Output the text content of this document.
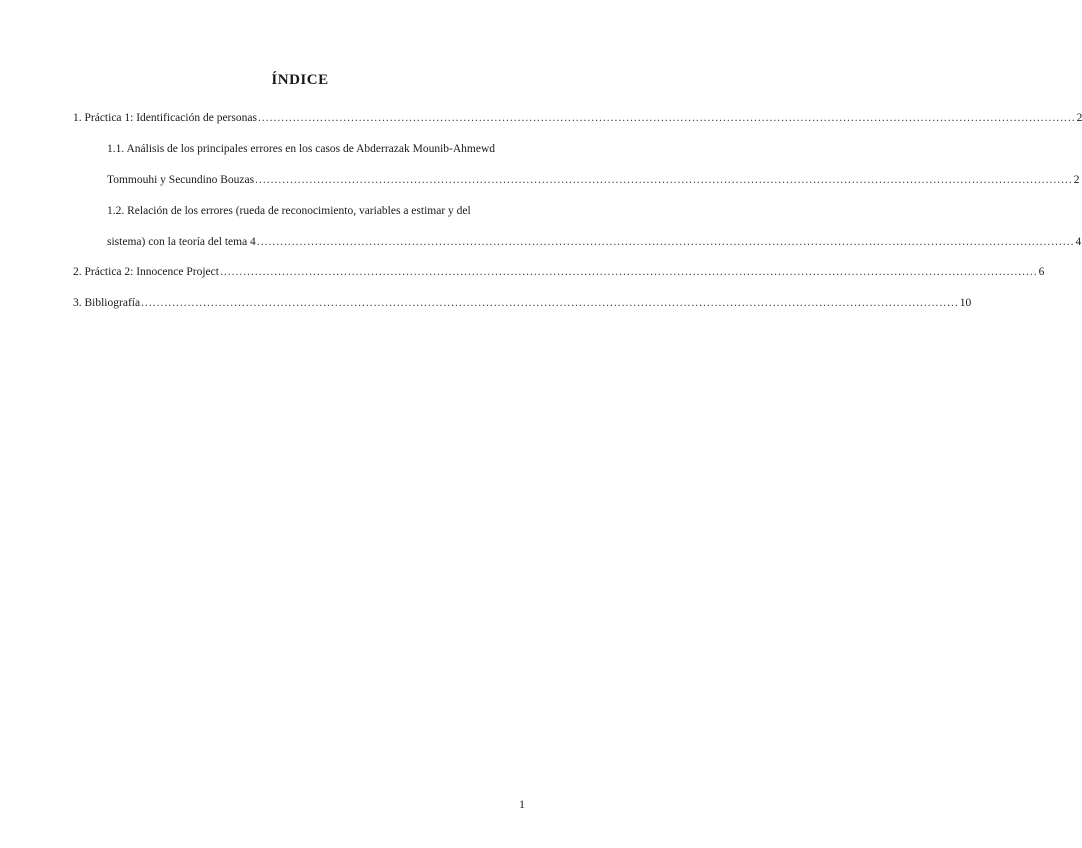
ÍNDICE
1. Práctica 1: Identificación de personas ................................................................................................................................................................................................................... 2
1.1. Análisis de los principales errores en los casos de Abderrazak Mounib-Ahmewd
Tommouhi y Secundino Bouzas ................................................................................................................................................................................................................... 2
1.2. Relación de los errores (rueda de reconocimiento, variables a estimar y del
sistema) con la teoría del tema 4 ................................................................................................................................................................................................................... 4
2. Práctica 2: Innocence Project ................................................................................................................................................................................................................... 6
3. Bibliografía ................................................................................................................................................................................................................... 10
1
